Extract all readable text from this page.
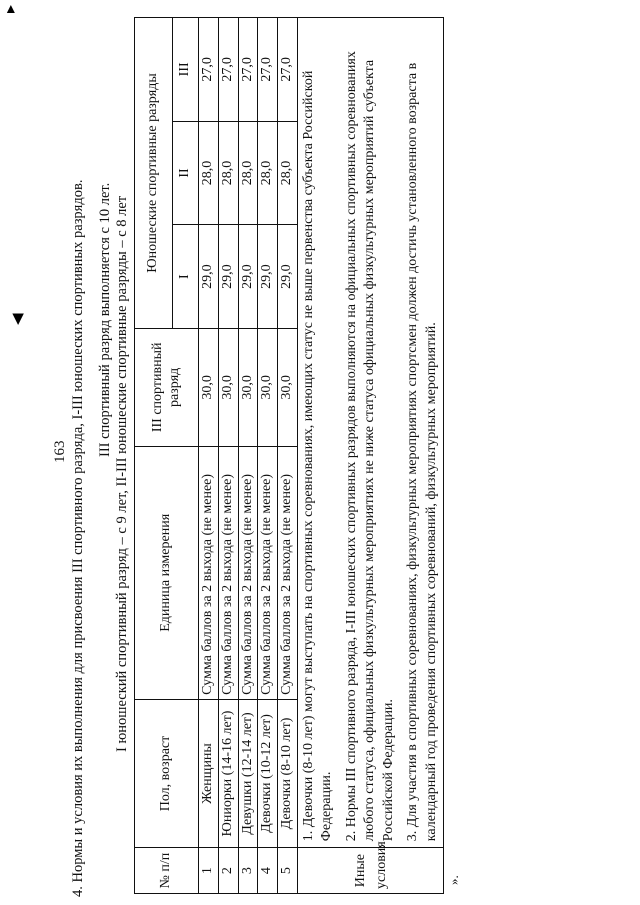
163 4. Нормы и условия их выполнения для присвоения III спортивного разряда, I-III юношеских спортивных разрядов. III спортивный разряд выполняется с 10 лет. I юношеский спортивный разряд – с 9 лет, II-III юношеские спортивные разряды – с 8 лет
№ п/п	Пол, возраст	Единица измерения	III спортивный разряд	Юношеские спортивные разряды		
				I	II	III
1	Женщины	Сумма баллов за 2 выхода (не менее)	30,0	29,0	28,0	27,0
2	Юниорки (14-16 лет)	Сумма баллов за 2 выхода (не менее)	30,0	29,0	28,0	27,0
3	Девушки (12-14 лет)	Сумма баллов за 2 выхода (не менее)	30,0	29,0	28,0	27,0
4	Девочки (10-12 лет)	Сумма баллов за 2 выхода (не менее)	30,0	29,0	28,0	27,0
5	Девочки (8-10 лет)	Сумма баллов за 2 выхода (не менее)	30,0	29,0	28,0	27,0
Иные условия	1. Девочки (8-10 лет) могут выступать на спортивных соревнованиях, имеющих статус не выше первенства субъекта Российской Федерации. 2. Нормы III спортивного разряда, I-III юношеских спортивных разрядов выполняются на официальных спортивных соревнованиях любого статуса, официальных физкультурных мероприятиях не ниже статуса официальных физкультурных мероприятий субъекта Российской Федерации. 3. Для участия в спортивных соревнованиях, физкультурных мероприятиях спортсмен должен достичь установленного возраста в календарный год проведения спортивных соревнований, физкультурных мероприятий.					

▸
◀
».
